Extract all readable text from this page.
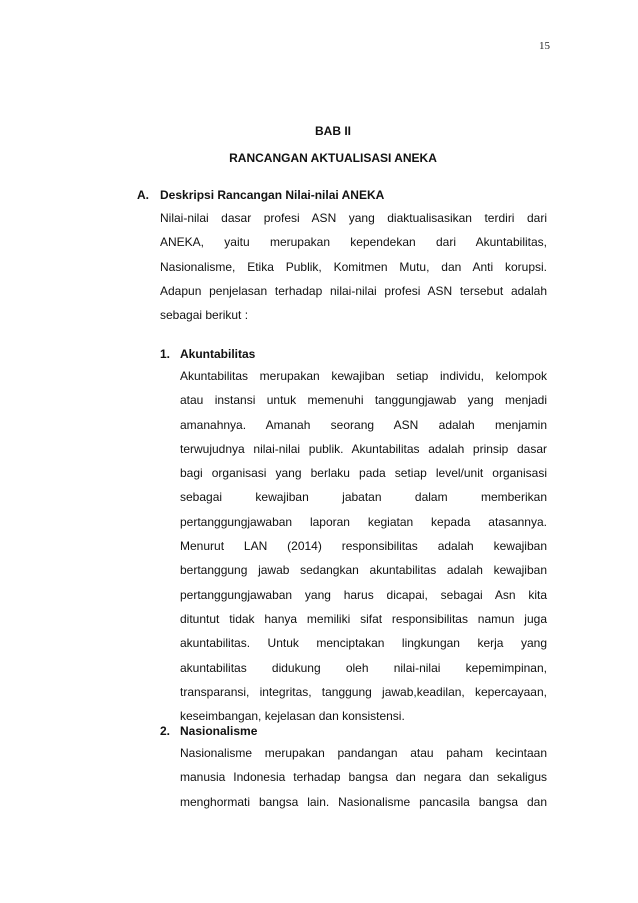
15
BAB II
RANCANGAN AKTUALISASI ANEKA
A. Deskripsi Rancangan Nilai-nilai ANEKA
Nilai-nilai dasar profesi ASN yang diaktualisasikan terdiri dari
ANEKA, yaitu merupakan kependekan dari Akuntabilitas,
Nasionalisme, Etika Publik, Komitmen Mutu, dan Anti korupsi.
Adapun penjelasan terhadap nilai-nilai profesi ASN tersebut adalah
sebagai berikut :
1. Akuntabilitas
Akuntabilitas merupakan kewajiban setiap individu, kelompok
atau instansi untuk memenuhi tanggungjawab yang menjadi
amanahnya. Amanah seorang ASN adalah menjamin
terwujudnya nilai-nilai publik. Akuntabilitas adalah prinsip dasar
bagi organisasi yang berlaku pada setiap level/unit organisasi
sebagai kewajiban jabatan dalam memberikan
pertanggungjawaban laporan kegiatan kepada atasannya.
Menurut LAN (2014) responsibilitas adalah kewajiban
bertanggung jawab sedangkan akuntabilitas adalah kewajiban
pertanggungjawaban yang harus dicapai, sebagai Asn kita
dituntut tidak hanya memiliki sifat responsibilitas namun juga
akuntabilitas. Untuk menciptakan lingkungan kerja yang
akuntabilitas didukung oleh nilai-nilai kepemimpinan,
transparansi, integritas, tanggung jawab,keadilan, kepercayaan,
keseimbangan, kejelasan dan konsistensi.
2. Nasionalisme
Nasionalisme merupakan pandangan atau paham kecintaan
manusia Indonesia terhadap bangsa dan negara dan sekaligus
menghormati bangsa lain. Nasionalisme pancasila bangsa dan
